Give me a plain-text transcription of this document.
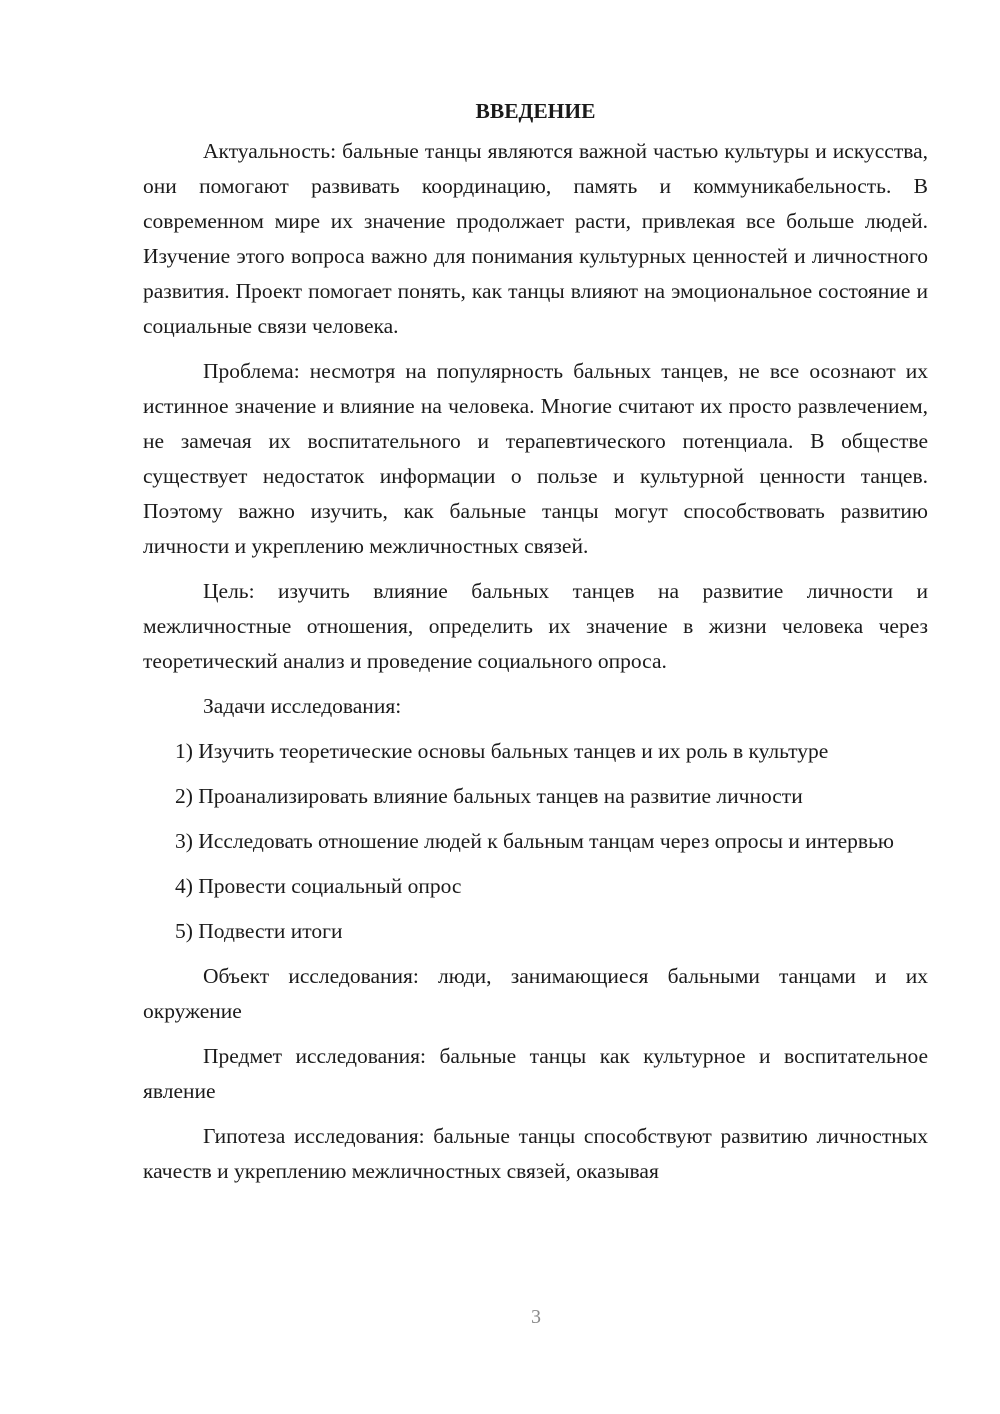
ВВЕДЕНИЕ

Актуальность: бальные танцы являются важной частью культуры и искусства, они помогают развивать координацию, память и коммуникабельность. В современном мире их значение продолжает расти, привлекая все больше людей. Изучение этого вопроса важно для понимания культурных ценностей и личностного развития. Проект помогает понять, как танцы влияют на эмоциональное состояние и социальные связи человека.

Проблема: несмотря на популярность бальных танцев, не все осознают их истинное значение и влияние на человека. Многие считают их просто развлечением, не замечая их воспитательного и терапевтического потенциала. В обществе существует недостаток информации о пользе и культурной ценности танцев. Поэтому важно изучить, как бальные танцы могут способствовать развитию личности и укреплению межличностных связей.

Цель: изучить влияние бальных танцев на развитие личности и межличностные отношения, определить их значение в жизни человека через теоретический анализ и проведение социального опроса.

Задачи исследования:

1) Изучить теоретические основы бальных танцев и их роль в культуре

2) Проанализировать влияние бальных танцев на развитие личности

3) Исследовать отношение людей к бальным танцам через опросы и интервью

4) Провести социальный опрос

5) Подвести итоги

Объект исследования: люди, занимающиеся бальными танцами и их окружение

Предмет исследования: бальные танцы как культурное и воспитательное явление

Гипотеза исследования: бальные танцы способствуют развитию личностных качеств и укреплению межличностных связей, оказывая

3
